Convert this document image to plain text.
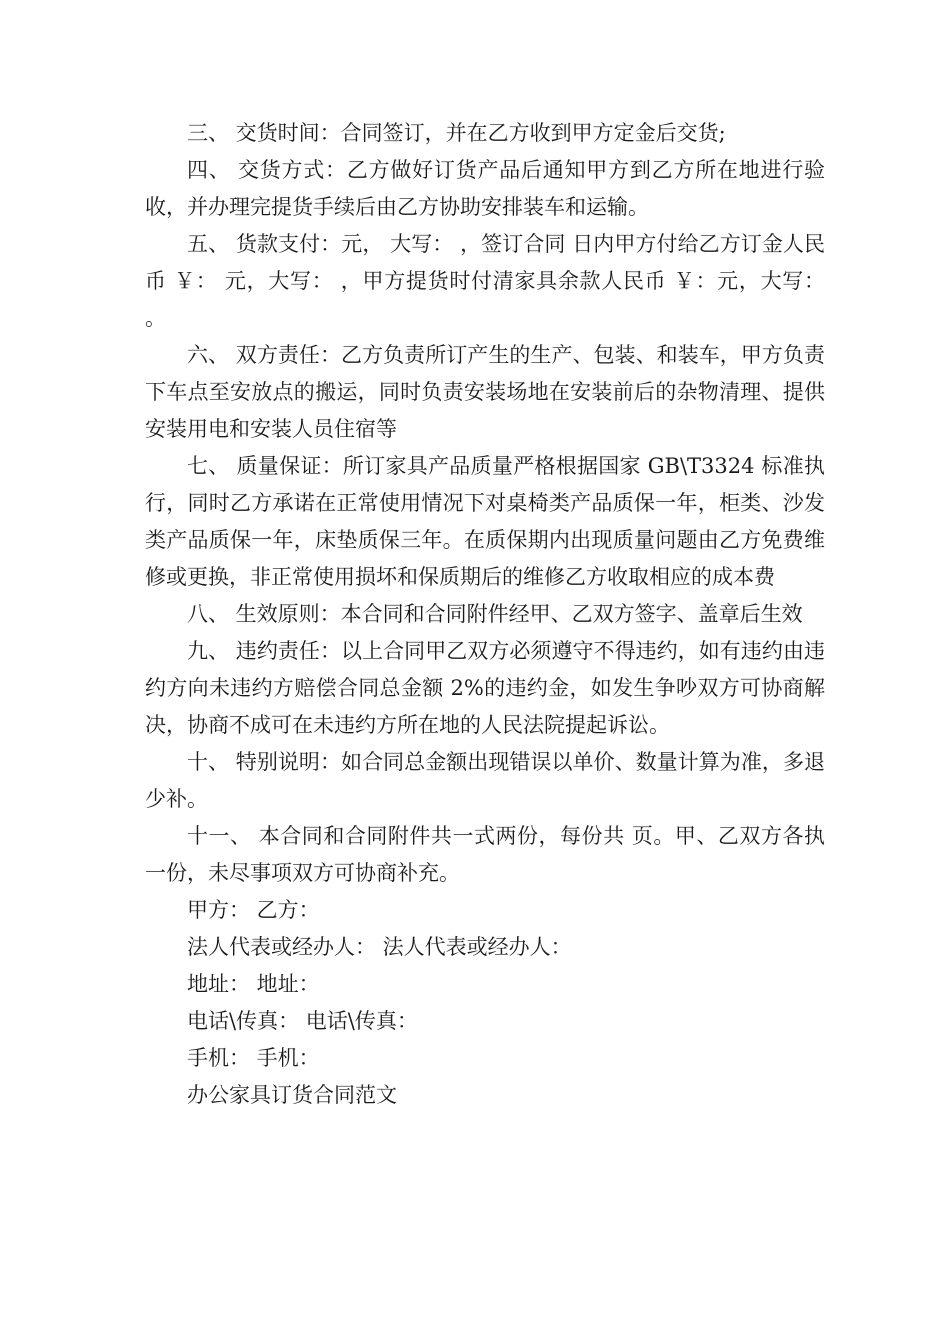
三、 交货时间：合同签订，并在乙方收到甲方定金后交货;

四、 交货方式：乙方做好订货产品后通知甲方到乙方所在地进行验收，并办理完提货手续后由乙方协助安排装车和运输。

五、 货款支付：元， 大写： ，签订合同 日内甲方付给乙方订金人民币 ￥： 元，大写： ，甲方提货时付清家具余款人民币 ￥：元，大写： 。

六、 双方责任：乙方负责所订产生的生产、包装、和装车，甲方负责下车点至安放点的搬运，同时负责安装场地在安装前后的杂物清理、提供安装用电和安装人员住宿等

七、 质量保证：所订家具产品质量严格根据国家 GB\T3324 标准执行，同时乙方承诺在正常使用情况下对桌椅类产品质保一年，柜类、沙发类产品质保一年，床垫质保三年。在质保期内出现质量问题由乙方免费维修或更换，非正常使用损坏和保质期后的维修乙方收取相应的成本费

八、 生效原则：本合同和合同附件经甲、乙双方签字、盖章后生效

九、 违约责任：以上合同甲乙双方必须遵守不得违约，如有违约由违约方向未违约方赔偿合同总金额 2%的违约金，如发生争吵双方可协商解决，协商不成可在未违约方所在地的人民法院提起诉讼。

十、 特别说明：如合同总金额出现错误以单价、数量计算为准，多退少补。

十一、 本合同和合同附件共一式两份，每份共 页。甲、乙双方各执一份，未尽事项双方可协商补充。

甲方： 乙方：

法人代表或经办人： 法人代表或经办人：

地址： 地址：

电话\传真： 电话\传真：

手机： 手机：

办公家具订货合同范文
